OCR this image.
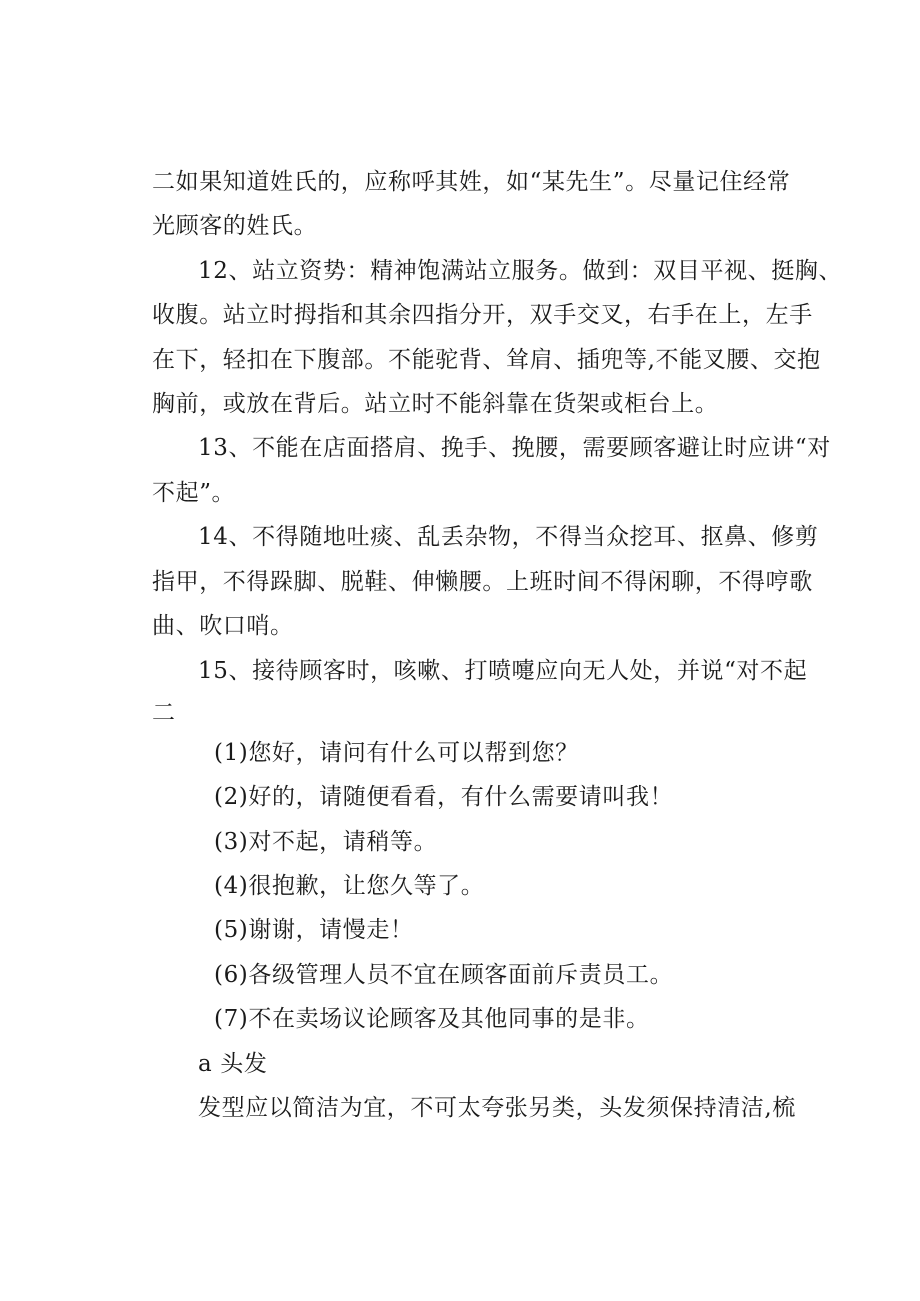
二如果知道姓氏的，应称呼其姓，如“某先生”。尽量记住经常
光顾客的姓氏。
12、站立资势：精神饱满站立服务。做到：双目平视、挺胸、
收腹。站立时拇指和其余四指分开，双手交叉，右手在上，左手
在下，轻扣在下腹部。不能驼背、耸肩、插兜等,不能叉腰、交抱
胸前，或放在背后。站立时不能斜靠在货架或柜台上。
13、不能在店面搭肩、挽手、挽腰，需要顾客避让时应讲“对
不起”。
14、不得随地吐痰、乱丢杂物，不得当众挖耳、抠鼻、修剪
指甲，不得跺脚、脱鞋、伸懒腰。上班时间不得闲聊，不得哼歌
曲、吹口哨。
15、接待顾客时，咳嗽、打喷嚏应向无人处，并说“对不起
二
(1)您好，请问有什么可以帮到您？
(2)好的，请随便看看，有什么需要请叫我！
(3)对不起，请稍等。
(4)很抱歉，让您久等了。
(5)谢谢，请慢走！
(6)各级管理人员不宜在顾客面前斥责员工。
(7)不在卖场议论顾客及其他同事的是非。
a 头发
发型应以简洁为宜，不可太夸张另类，头发须保持清洁,梳
